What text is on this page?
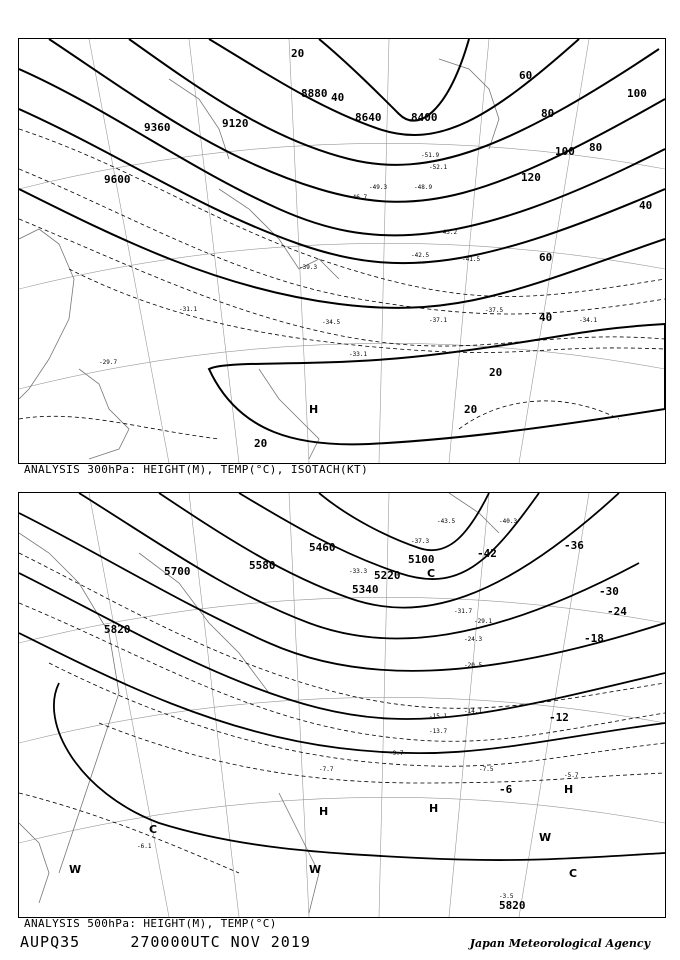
9360	9120
8880
8640	8400
9600
20
40
60
80
100
120
20
20
20
40
60
80
100
40
-51.9
-52.1
-49.3	-48.9
-46.7
-43.2
-42.5
-41.5
-39.3
-37.1
-37.5
-34.5	-34.1
-33.1
-31.1
-29.7
H
ANALYSIS 300hPa: HEIGHT(M), TEMP(°C), ISOTACH(KT)
5700	5580
5460
5340
5220
5100
5820
5820
-42
-36
-30
-24
-18
-12
-6
-43.5	-40.3
-37.3
-33.3
-31.7
-29.1
-24.3
-20.5
-15.1
-14.1
-13.7
-9.7
-7.7	-7.5
-5.7
-3.5
-6.1
H	H
H
C
C
C
W	W
W
ANALYSIS 500hPa: HEIGHT(M), TEMP(°C)
AUPQ35	270000UTC NOV 2019	Japan Meteorological Agency
